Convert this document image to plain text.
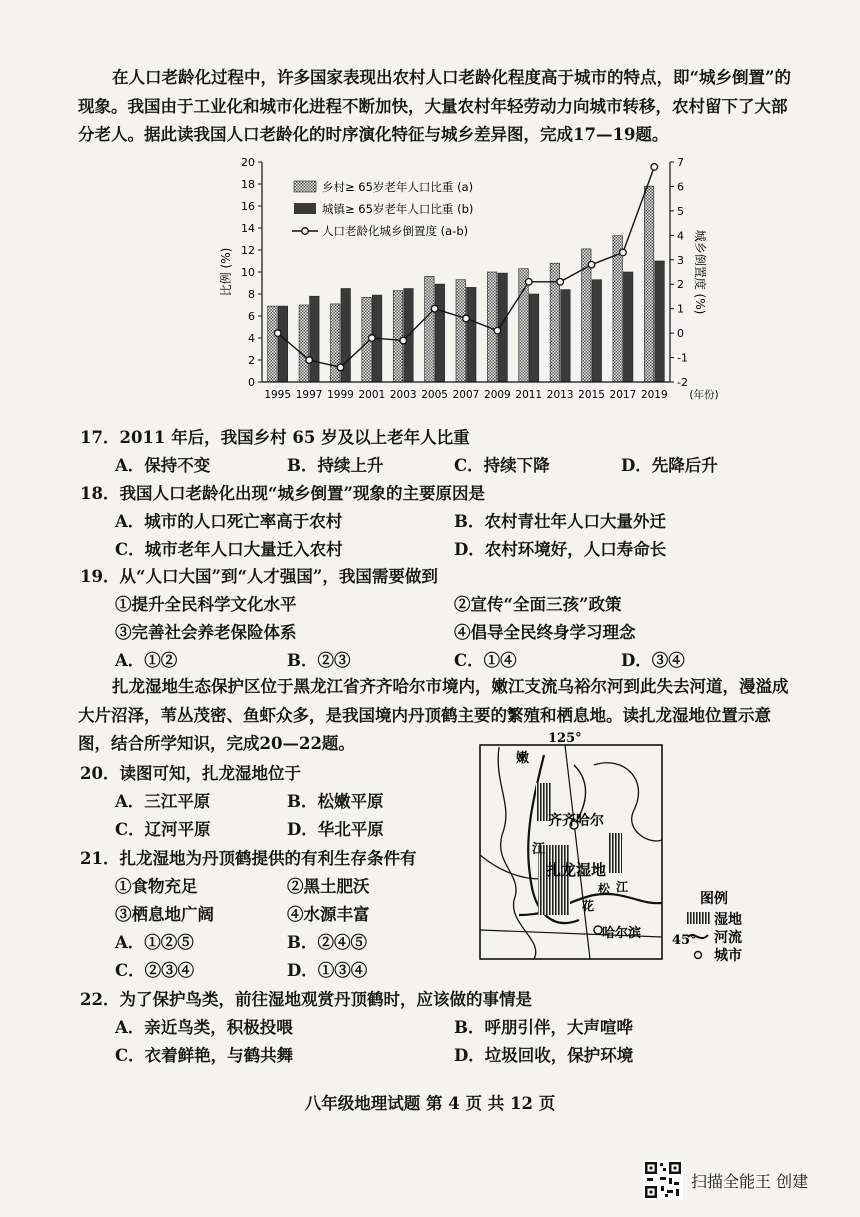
在人口老龄化过程中，许多国家表现出农村人口老龄化程度高于城市的特点，即“城乡倒置”的现象。我国由于工业化和城市化进程不断加快，大量农村年轻劳动力向城市转移，农村留下了大部分老人。据此读我国人口老龄化的时序演化特征与城乡差异图，完成17—19题。
0
2
4
6
8
10
12
14
16
18
20
-2
-1
0
1
2
3
4
5
6
7
1995 1997 1999 2001 2003 2005 2007 2009 2011 2013 2015 2017 2019 (年份)
比例 (%)	城乡倒置度 (%)
乡村≥ 65岁老年人口比重 (a)
城镇≥ 65岁老年人口比重 (b)
人口老龄化城乡倒置度 (a-b)
17．2011 年后，我国乡村 65 岁及以上老年人比重
A．保持不变	B．持续上升	C．持续下降	D．先降后升
18．我国人口老龄化出现“城乡倒置”现象的主要原因是
A．城市的人口死亡率高于农村	B．农村青壮年人口大量外迁
C．城市老年人口大量迁入农村	D．农村环境好，人口寿命长
19．从“人口大国”到“人才强国”，我国需要做到
①提升全民科学文化水平	②宣传“全面三孩”政策
③完善社会养老保险体系	④倡导全民终身学习理念
A．①②	B．②③	C．①④	D．③④
扎龙湿地生态保护区位于黑龙江省齐齐哈尔市境内，嫩江支流乌裕尔河到此失去河道，漫溢成大片沼泽，苇丛茂密、鱼虾众多，是我国境内丹顶鹤主要的繁殖和栖息地。读扎龙湿地位置示意图，结合所学知识，完成20—22题。
20．读图可知，扎龙湿地位于
A．三江平原	B．松嫩平原
C．辽河平原	D．华北平原
21．扎龙湿地为丹顶鹤提供的有利生存条件有
①食物充足	②黑土肥沃
③栖息地广阔	④水源丰富
A．①②⑤	B．②④⑤
C．②③④	D．①③④
22．为了保护鸟类，前往湿地观赏丹顶鹤时，应该做的事情是
A．亲近鸟类，积极投喂	B．呼朋引伴，大声喧哗
C．衣着鲜艳，与鹤共舞	D．垃圾回收，保护环境
125°
45°
嫩
江
齐齐哈尔
扎龙湿地
松
花
江
哈尔滨
图例
湿地
河流
城市
八年级地理试题 第 4 页 共 12 页
扫描全能王 创建
